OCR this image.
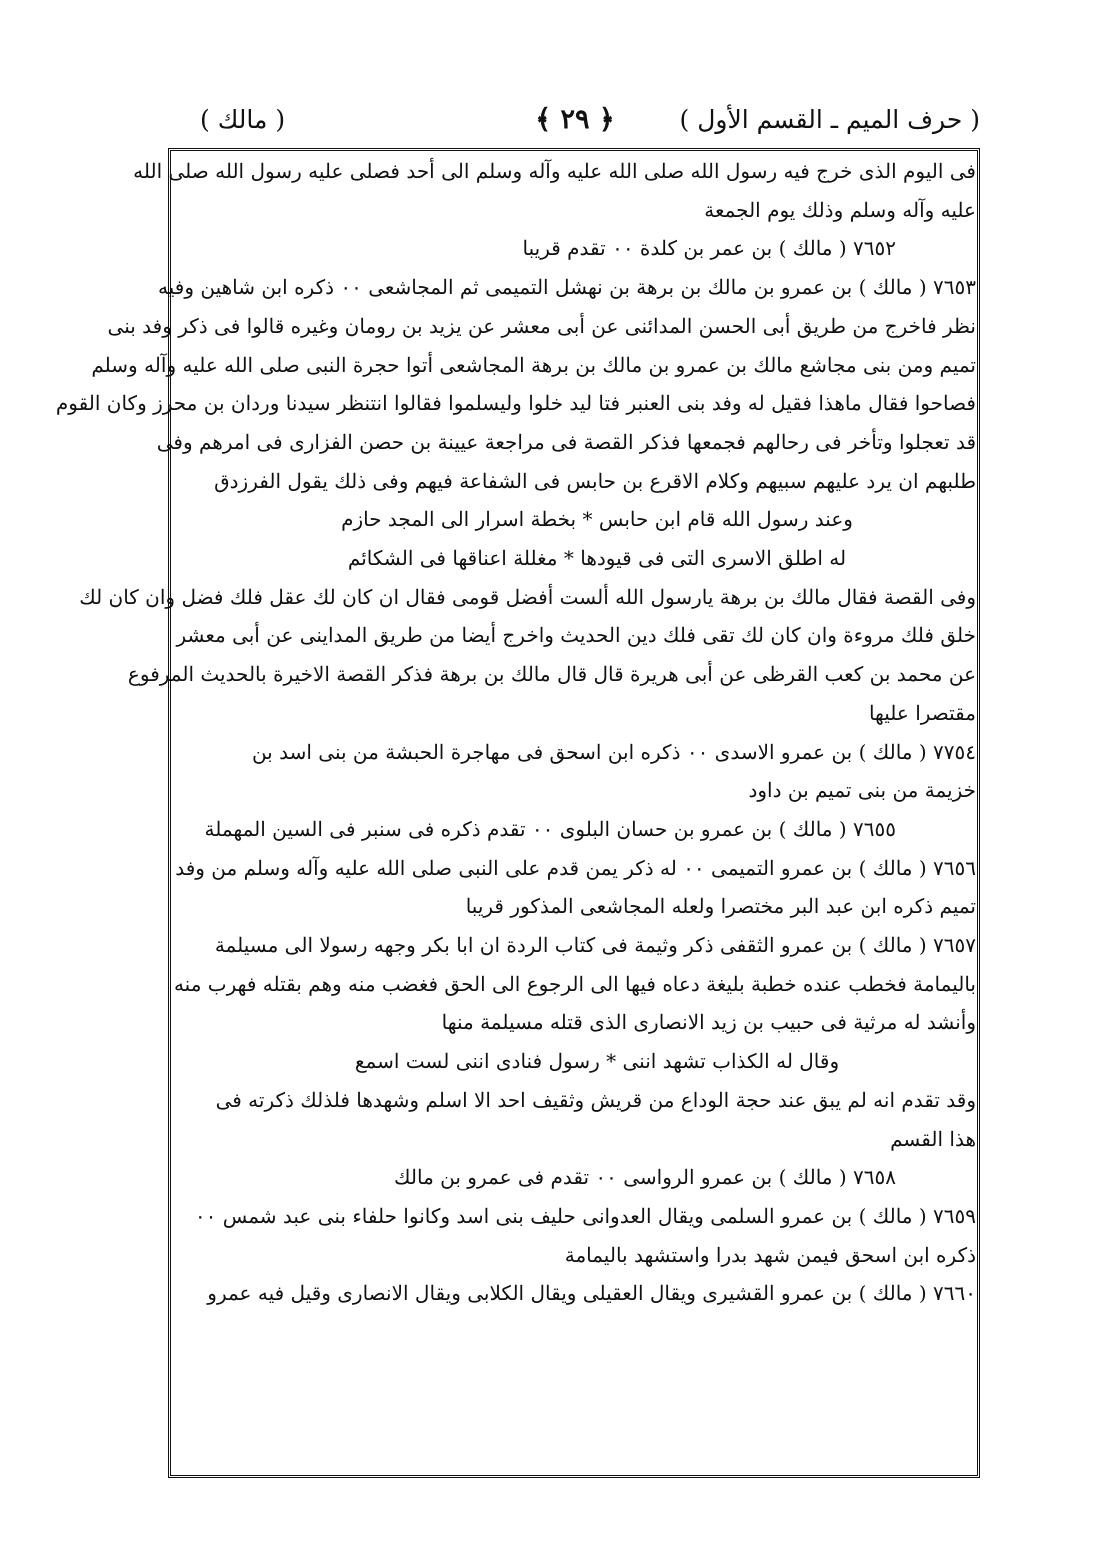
( حرف الميم ـ القسم الأول )
﴿ ٢٩ ﴾
( مالك )
فى اليوم الذى خرج فيه رسول الله صلى الله عليه وآله وسلم الى أحد فصلى عليه رسول الله صلى الله
عليه وآله وسلم وذلك يوم الجمعة
٧٦٥٢ ( مالك ) بن عمر بن كلدة ٠٠ تقدم قريبا
٧٦٥٣ ( مالك ) بن عمرو بن مالك بن برهة بن نهشل التميمى ثم المجاشعى ٠٠ ذكره ابن شاهين وفيه
نظر فاخرج من طريق أبى الحسن المدائنى عن أبى معشر عن يزيد بن رومان وغيره قالوا فى ذكر وفد بنى
تميم ومن بنى مجاشع مالك بن عمرو بن مالك بن برهة المجاشعى أتوا حجرة النبى صلى الله عليه وآله وسلم
فصاحوا فقال ماهذا فقيل له وفد بنى العنبر فتا ليد خلوا وليسلموا فقالوا انتنظر سيدنا وردان بن محرز وكان القوم
قد تعجلوا وتأخر فى رحالهم فجمعها فذكر القصة فى مراجعة عيينة بن حصن الفزارى فى امرهم وفى
طلبهم ان يرد عليهم سبيهم وكلام الاقرع بن حابس فى الشفاعة فيهم وفى ذلك يقول الفرزدق
وعند رسول الله قام ابن حابس * بخطة اسرار الى المجد حازم
له اطلق الاسرى التى فى قيودها * مغللة اعناقها فى الشكائم
وفى القصة فقال مالك بن برهة يارسول الله ألست أفضل قومى فقال ان كان لك عقل فلك فضل وان كان لك
خلق فلك مروءة وان كان لك تقى فلك دين الحديث واخرج أيضا من طريق المداينى عن أبى معشر
عن محمد بن كعب القرظى عن أبى هريرة قال قال مالك بن برهة فذكر القصة الاخيرة بالحديث المرفوع
مقتصرا عليها
٧٧٥٤ ( مالك ) بن عمرو الاسدى ٠٠ ذكره ابن اسحق فى مهاجرة الحبشة من بنى اسد بن
خزيمة من بنى تميم بن داود
٧٦٥٥ ( مالك ) بن عمرو بن حسان البلوى ٠٠ تقدم ذكره فى سنبر فى السين المهملة
٧٦٥٦ ( مالك ) بن عمرو التميمى ٠٠ له ذكر يمن قدم على النبى صلى الله عليه وآله وسلم من وفد
تميم ذكره ابن عبد البر مختصرا ولعله المجاشعى المذكور قريبا
٧٦٥٧ ( مالك ) بن عمرو الثقفى ذكر وثيمة فى كتاب الردة ان ابا بكر وجهه رسولا الى مسيلمة
باليمامة فخطب عنده خطبة بليغة دعاه فيها الى الرجوع الى الحق فغضب منه وهم بقتله فهرب منه
وأنشد له مرثية فى حبيب بن زيد الانصارى الذى قتله مسيلمة منها
وقال له الكذاب تشهد اننى * رسول فنادى اننى لست اسمع
وقد تقدم انه لم يبق عند حجة الوداع من قريش وثقيف احد الا اسلم وشهدها فلذلك ذكرته فى
هذا القسم
٧٦٥٨ ( مالك ) بن عمرو الرواسى ٠٠ تقدم فى عمرو بن مالك
٧٦٥٩ ( مالك ) بن عمرو السلمى ويقال العدوانى حليف بنى اسد وكانوا حلفاء بنى عبد شمس ٠٠
ذكره ابن اسحق فيمن شهد بدرا واستشهد باليمامة
٧٦٦٠ ( مالك ) بن عمرو القشيرى ويقال العقيلى ويقال الكلابى ويقال الانصارى وقيل فيه عمرو
